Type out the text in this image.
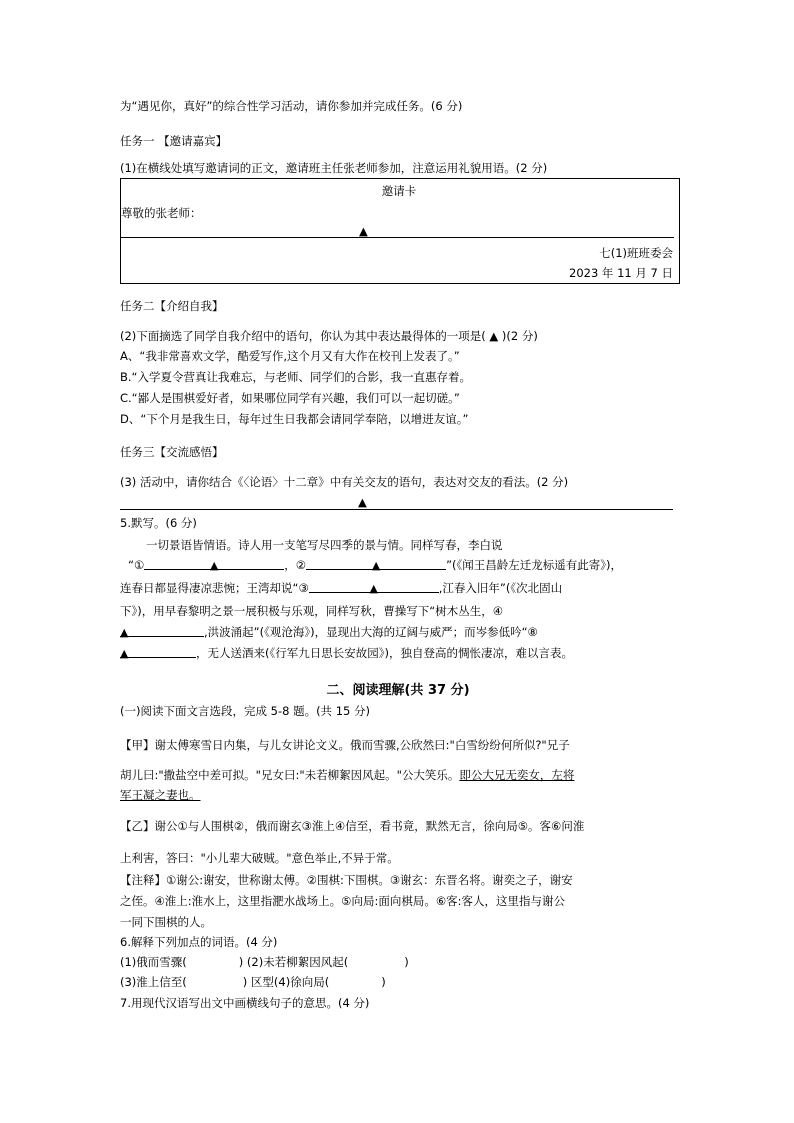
为“遇见你，真好”的综合性学习活动，请你参加并完成任务。(6 分)
任务一 【邀请嘉宾】
(1)在横线处填写邀请词的正文，邀请班主任张老师参加，注意运用礼貌用语。(2 分)
邀请卡
尊敬的张老师：
▲
七(1)班班委会
2023 年 11 月 7 日
任务二【介绍自我】
(2)下面摘选了同学自我介绍中的语句，你认为其中表达最得体的一项是( ▲ )(2 分)
A、“我非常喜欢文学，酷爱写作,这个月又有大作在校刊上发表了。”
B.“入学夏令营真让我难忘，与老师、同学们的合影，我一直惠存着。
C.“鄙人是围棋爱好者，如果哪位同学有兴趣，我们可以一起切磋。”
D、“下个月是我生日，每年过生日我都会请同学奉陪，以增进友谊。”
任务三【交流感悟】
(3) 活动中，请你结合《〈论语〉十二章》中有关交友的语句，表达对交友的看法。(2 分)
▲
5.默写。(6 分)
一切景语皆情语。诗人用一支笔写尽四季的景与情。同样写春，李白说
“①	▲	，②	▲	”(《闻王昌龄左迁龙标遥有此寄》)，
连春日都显得凄凉悲惋；王湾却说“③	▲	,江春入旧年”(《次北固山
下》)，用早春黎明之景一展积极与乐观，同样写秋，曹操写下“树木丛生，④
▲	,洪波涌起”(《观沧海》)，显现出大海的辽阔与威严；而岑参低吟“⑧
▲	，无人送酒来(《行军九日思长安故园》)，独自登高的惆怅凄凉，难以言表。
二、阅读理解(共 37 分)
(一)阅读下面文言选段，完成 5-8 题。(共 15 分)
【甲】谢太傅寒雪日内集，与儿女讲论文义。俄而雪骤,公欣然曰:"白雪纷纷何所似?"兄子
胡儿曰:"撒盐空中差可拟。"兄女曰:"未若柳絮因风起。"公大笑乐。即公大兄无奕女，左将
军王凝之妻也。
【乙】谢公①与人围棋②，俄而谢玄③淮上④信至，看书竟，默然无言，徐向局⑤。客⑥问淮
上利害，答曰："小儿辈大破贼。"意色举止,不异于常。
【注释】①谢公:谢安，世称谢太傅。②围棋:下围棋。③谢玄：东晋名将。谢奕之子，谢安
之侄。④淮上:淮水上，这里指淝水战场上。⑤向局:面向棋局。⑥客:客人，这里指与谢公
一同下围棋的人。
6.解释下列加点的词语。(4 分)
(1)俄而雪骤(	) (2)未若柳絮因风起(	)
(3)淮上信至(	) 区型(4)徐向局(	)
7.用现代汉语写出文中画横线句子的意思。(4 分)
